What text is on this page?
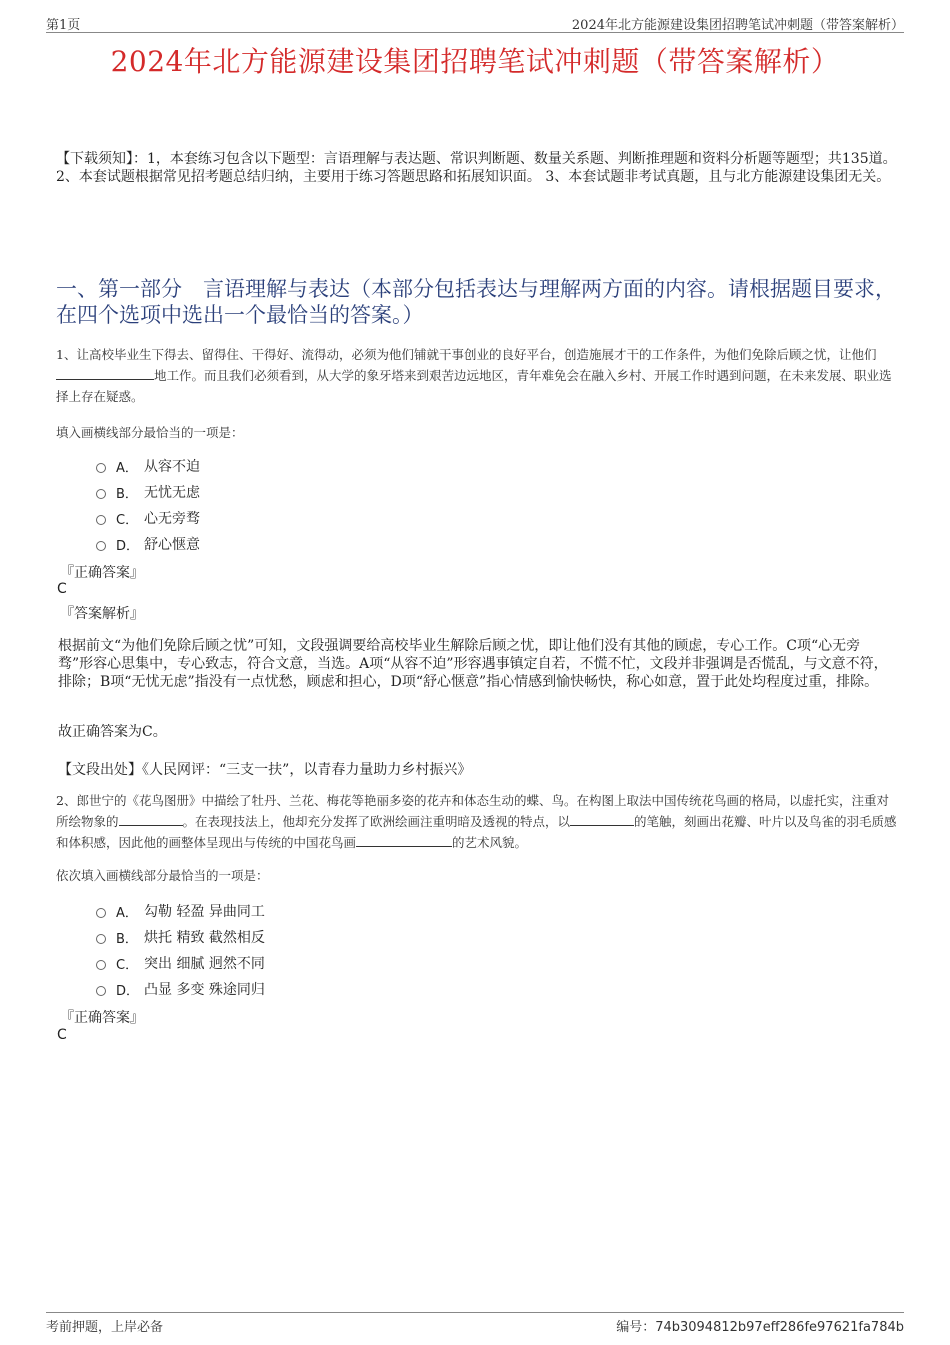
第1页	2024年北方能源建设集团招聘笔试冲刺题（带答案解析）
2024年北方能源建设集团招聘笔试冲刺题（带答案解析）
【下载须知】：1，本套练习包含以下题型：言语理解与表达题、常识判断题、数量关系题、判断推理题和资料分析题等题型；共135道。 2、本套试题根据常见招考题总结归纳，主要用于练习答题思路和拓展知识面。 3、本套试题非考试真题，且与北方能源建设集团无关。
一、第一部分　言语理解与表达（本部分包括表达与理解两方面的内容。请根据题目要求，在四个选项中选出一个最恰当的答案。）
1、让高校毕业生下得去、留得住、干得好、流得动，必须为他们铺就干事创业的良好平台，创造施展才干的工作条件，为他们免除后顾之忧，让他们地工作。而且我们必须看到，从大学的象牙塔来到艰苦边远地区，青年难免会在融入乡村、开展工作时遇到问题，在未来发展、职业选择上存在疑惑。
填入画横线部分最恰当的一项是：
A． 从容不迫
B． 无忧无虑
C． 心无旁骛
D． 舒心惬意
『正确答案』
C
『答案解析』
根据前文“为他们免除后顾之忧”可知，文段强调要给高校毕业生解除后顾之忧，即让他们没有其他的顾虑，专心工作。C项“心无旁骛”形容心思集中，专心致志，符合文意，当选。A项“从容不迫”形容遇事镇定自若，不慌不忙，文段并非强调是否慌乱，与文意不符，排除；B项“无忧无虑”指没有一点忧愁，顾虑和担心，D项“舒心惬意”指心情感到愉快畅快，称心如意，置于此处均程度过重，排除。
故正确答案为C。
【文段出处】《人民网评：“三支一扶”，以青春力量助力乡村振兴》
2、郎世宁的《花鸟图册》中描绘了牡丹、兰花、梅花等艳丽多姿的花卉和体态生动的蝶、鸟。在构图上取法中国传统花鸟画的格局，以虚托实，注重对所绘物象的	。在表现技法上，他却充分发挥了欧洲绘画注重明暗及透视的特点，以	的笔触，刻画出花瓣、叶片以及鸟雀的羽毛质感和体积感，因此他的画整体呈现出与传统的中国花鸟画	的艺术风貌。
依次填入画横线部分最恰当的一项是：
A． 勾勒 轻盈 异曲同工
B． 烘托 精致 截然相反
C． 突出 细腻 迥然不同
D． 凸显 多变 殊途同归
『正确答案』
C
考前押题，上岸必备	编号：74b3094812b97eff286fe97621fa784b
